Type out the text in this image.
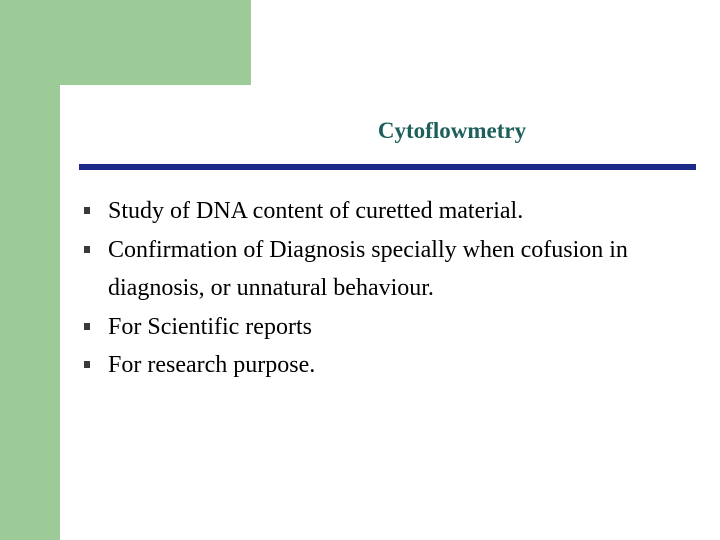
Cytoflowmetry
Study of DNA content of curetted material.
Confirmation of Diagnosis specially when cofusion in diagnosis, or unnatural behaviour.
For Scientific reports
For research purpose.
